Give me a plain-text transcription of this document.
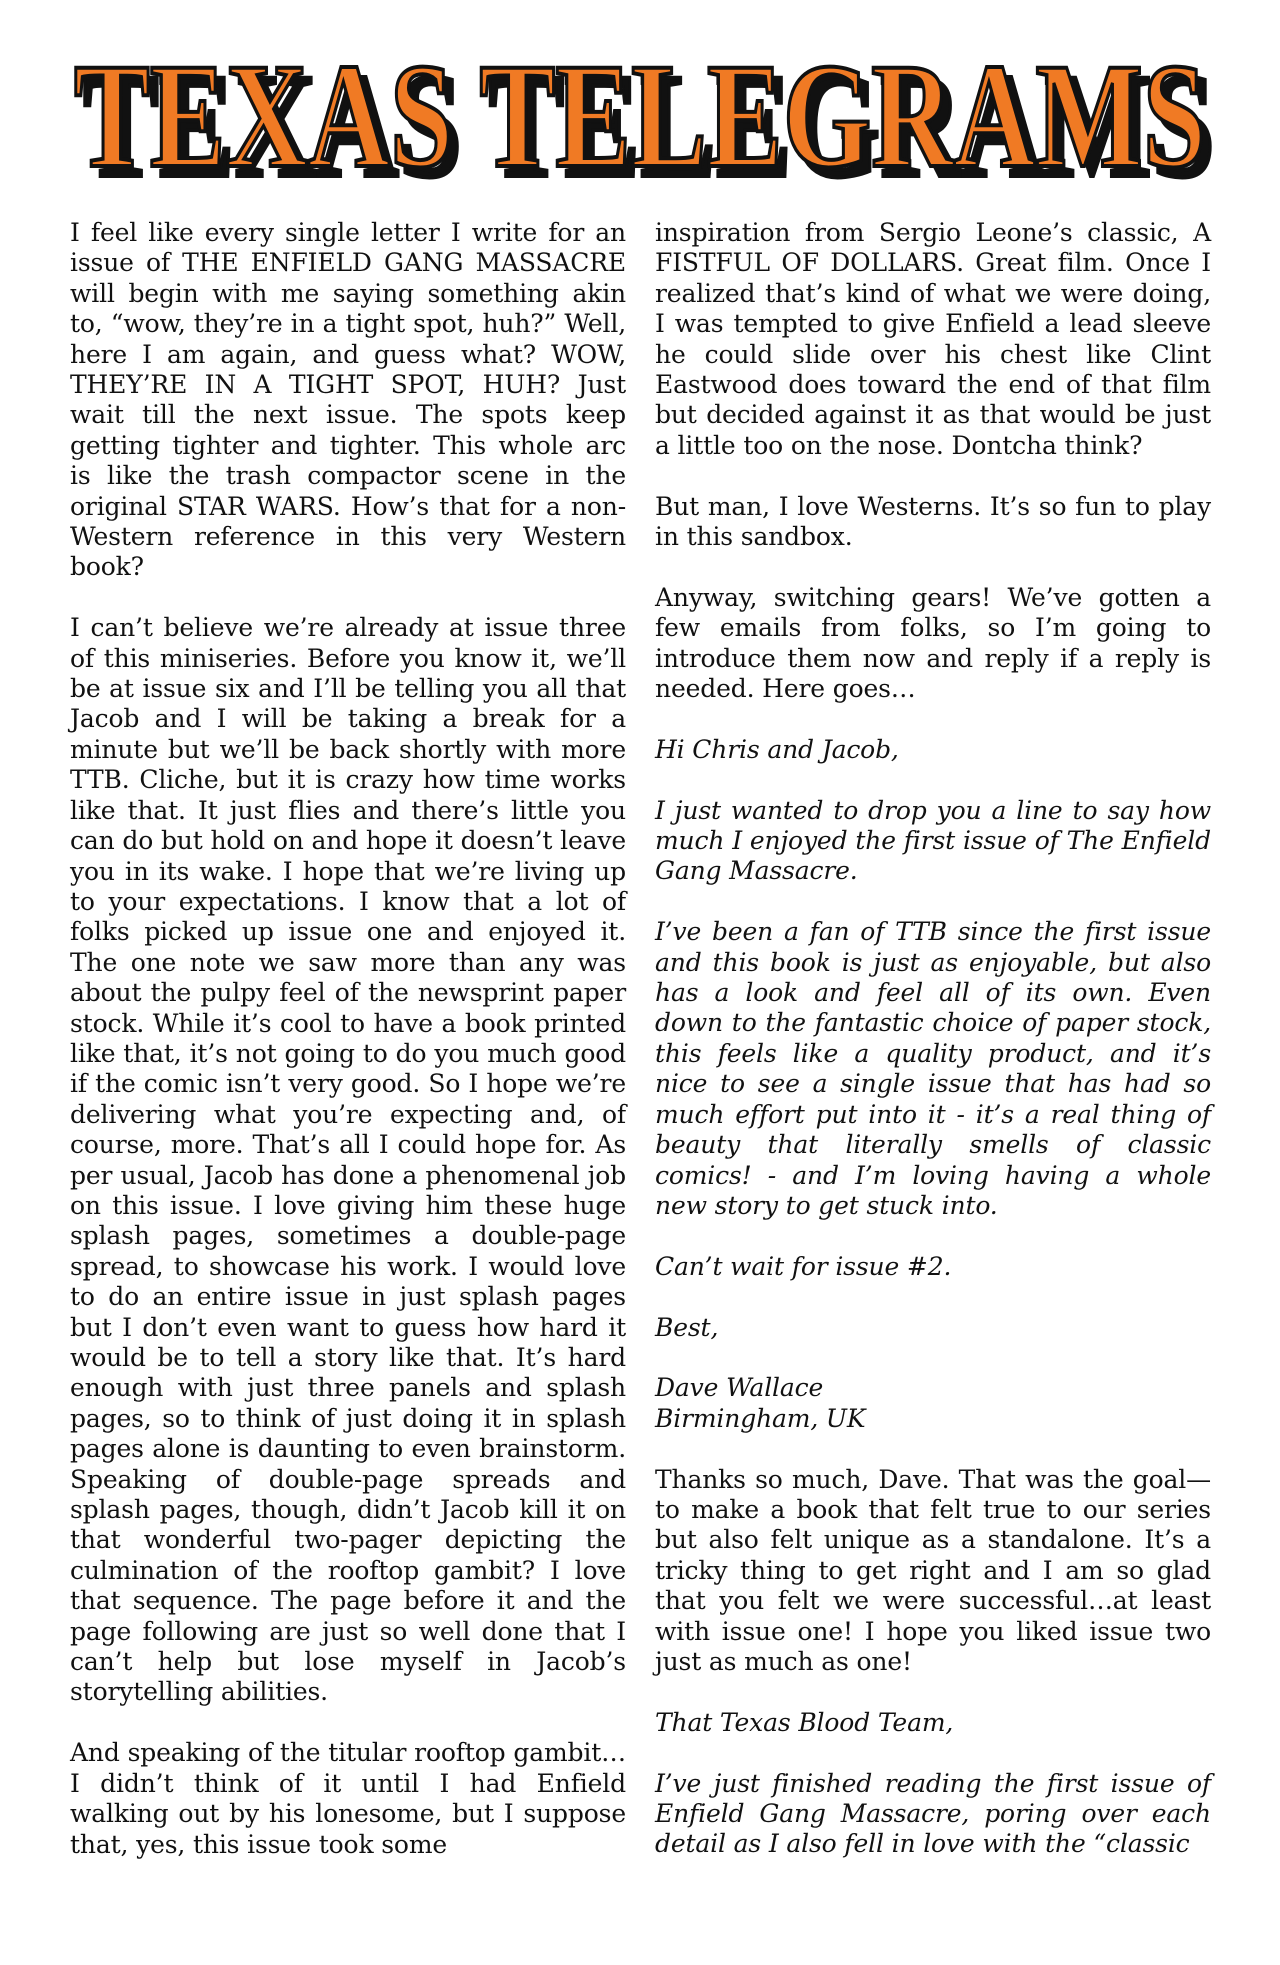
TEXAS TELEGRAMS
TEXAS TELEGRAMS

I feel like every single letter I write for an issue of THE ENFIELD GANG MASSACRE will begin with me saying something akin to, “wow, they’re in a tight spot, huh?” Well, here I am again, and guess what? WOW, THEY’RE IN A TIGHT SPOT, HUH? Just wait till the next issue. The spots keep getting tighter and tighter. This whole arc is like the trash compactor scene in the original STAR WARS. How’s that for a non-Western reference in this very Western book?

I can’t believe we’re already at issue three of this miniseries. Before you know it, we’ll be at issue six and I’ll be telling you all that Jacob and I will be taking a break for a minute but we’ll be back shortly with more TTB. Cliche, but it is crazy how time works like that. It just flies and there’s little you can do but hold on and hope it doesn’t leave you in its wake. I hope that we’re living up to your expectations. I know that a lot of folks picked up issue one and enjoyed it. The one note we saw more than any was about the pulpy feel of the newsprint paper stock. While it’s cool to have a book printed like that, it’s not going to do you much good if the comic isn’t very good. So I hope we’re delivering what you’re expecting and, of course, more. That’s all I could hope for. As per usual, Jacob has done a phenomenal job on this issue. I love giving him these huge splash pages, sometimes a double-page spread, to showcase his work. I would love to do an entire issue in just splash pages but I don’t even want to guess how hard it would be to tell a story like that. It’s hard enough with just three panels and splash pages, so to think of just doing it in splash pages alone is daunting to even brainstorm. Speaking of double-page spreads and splash pages, though, didn’t Jacob kill it on that wonderful two-pager depicting the culmination of the rooftop gambit? I love that sequence. The page before it and the page following are just so well done that I can’t help but lose myself in Jacob’s storytelling abilities.

And speaking of the titular rooftop gambit… I didn’t think of it until I had Enfield walking out by his lonesome, but I suppose that, yes, this issue took some

inspiration from Sergio Leone’s classic, A FISTFUL OF DOLLARS. Great film. Once I realized that’s kind of what we were doing, I was tempted to give Enfield a lead sleeve he could slide over his chest like Clint Eastwood does toward the end of that film but decided against it as that would be just a little too on the nose. Dontcha think?

But man, I love Westerns. It’s so fun to play in this sandbox.

Anyway, switching gears! We’ve gotten a few emails from folks, so I’m going to introduce them now and reply if a reply is needed. Here goes…

Hi Chris and Jacob,

I just wanted to drop you a line to say how much I enjoyed the first issue of The Enfield Gang Massacre.

I’ve been a fan of TTB since the first issue and this book is just as enjoyable, but also has a look and feel all of its own. Even down to the fantastic choice of paper stock, this feels like a quality product, and it’s nice to see a single issue that has had so much effort put into it - it’s a real thing of beauty that literally smells of classic comics! - and I’m loving having a whole new story to get stuck into.

Can’t wait for issue #2.

Best,

Dave Wallace
Birmingham, UK

Thanks so much, Dave. That was the goal—to make a book that felt true to our series but also felt unique as a standalone. It’s a tricky thing to get right and I am so glad that you felt we were successful…at least with issue one! I hope you liked issue two just as much as one!

That Texas Blood Team,

I’ve just finished reading the first issue of Enfield Gang Massacre, poring over each detail as I also fell in love with the “classic
